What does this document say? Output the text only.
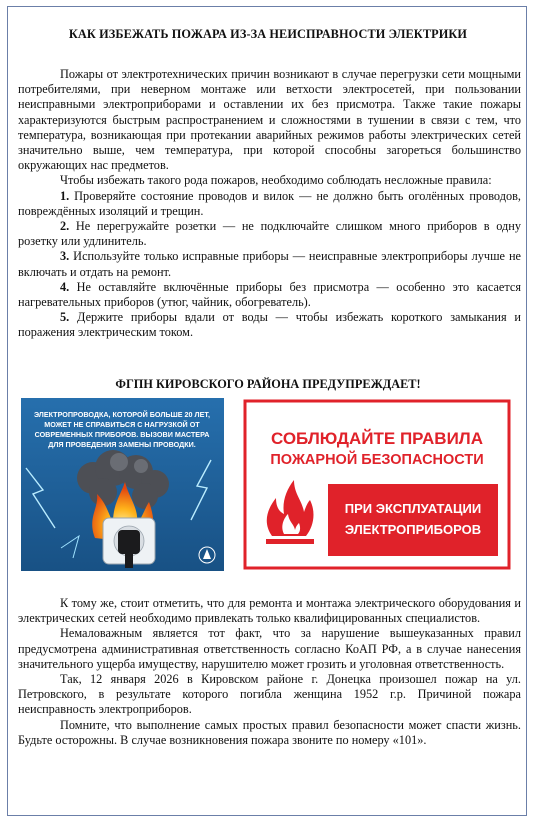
КАК ИЗБЕЖАТЬ ПОЖАРА ИЗ-ЗА НЕИСПРАВНОСТИ ЭЛЕКТРИКИ

Пожары от электротехнических причин возникают в случае перегрузки сети мощными потребителями, при неверном монтаже или ветхости электросетей, при пользовании неисправными электроприборами и оставлении их без присмотра. Также такие пожары характеризуются быстрым распространением и сложностями в тушении в связи с тем, что температура, возникающая при протекании аварийных режимов работы электрических сетей значительно выше, чем температура, при которой способны загореться большинство окружающих нас предметов.

Чтобы избежать такого рода пожаров, необходимо соблюдать несложные правила:

1. Проверяйте состояние проводов и вилок — не должно быть оголённых проводов, повреждённых изоляций и трещин.

2. Не перегружайте розетки — не подключайте слишком много приборов в одну розетку или удлинитель.

3. Используйте только исправные приборы — неисправные электроприборы лучше не включать и отдать на ремонт.

4. Не оставляйте включённые приборы без присмотра — особенно это касается нагревательных приборов (утюг, чайник, обогреватель).

5. Держите приборы вдали от воды — чтобы избежать короткого замыкания и поражения электрическим током.

ФГПН КИРОВСКОГО РАЙОНА ПРЕДУПРЕЖДАЕТ!
ЭЛЕКТРОПРОВОДКА, КОТОРОЙ БОЛЬШЕ 20 ЛЕТ,
МОЖЕТ НЕ СПРАВИТЬСЯ С НАГРУЗКОЙ ОТ
СОВРЕМЕННЫХ ПРИБОРОВ. ВЫЗОВИ МАСТЕРА
ДЛЯ ПРОВЕДЕНИЯ ЗАМЕНЫ ПРОВОДКИ.	СОБЛЮДАЙТЕ ПРАВИЛА
ПОЖАРНОЙ БЕЗОПАСНОСТИ
ПРИ ЭКСПЛУАТАЦИИ
ЭЛЕКТРОПРИБОРОВ

К тому же, стоит отметить, что для ремонта и монтажа электрического оборудования и электрических сетей необходимо привлекать только квалифицированных специалистов.

Немаловажным является тот факт, что за нарушение вышеуказанных правил предусмотрена административная ответственность согласно КоАП РФ, а в случае нанесения значительного ущерба имуществу, нарушителю может грозить и уголовная ответственность.

Так, 12 января 2026 в Кировском районе г. Донецка произошел пожар на ул. Петровского, в результате которого погибла женщина 1952 г.р. Причиной пожара неисправность электроприборов.

Помните, что выполнение самых простых правил безопасности может спасти жизнь. Будьте осторожны. В случае возникновения пожара звоните по номеру «101».
